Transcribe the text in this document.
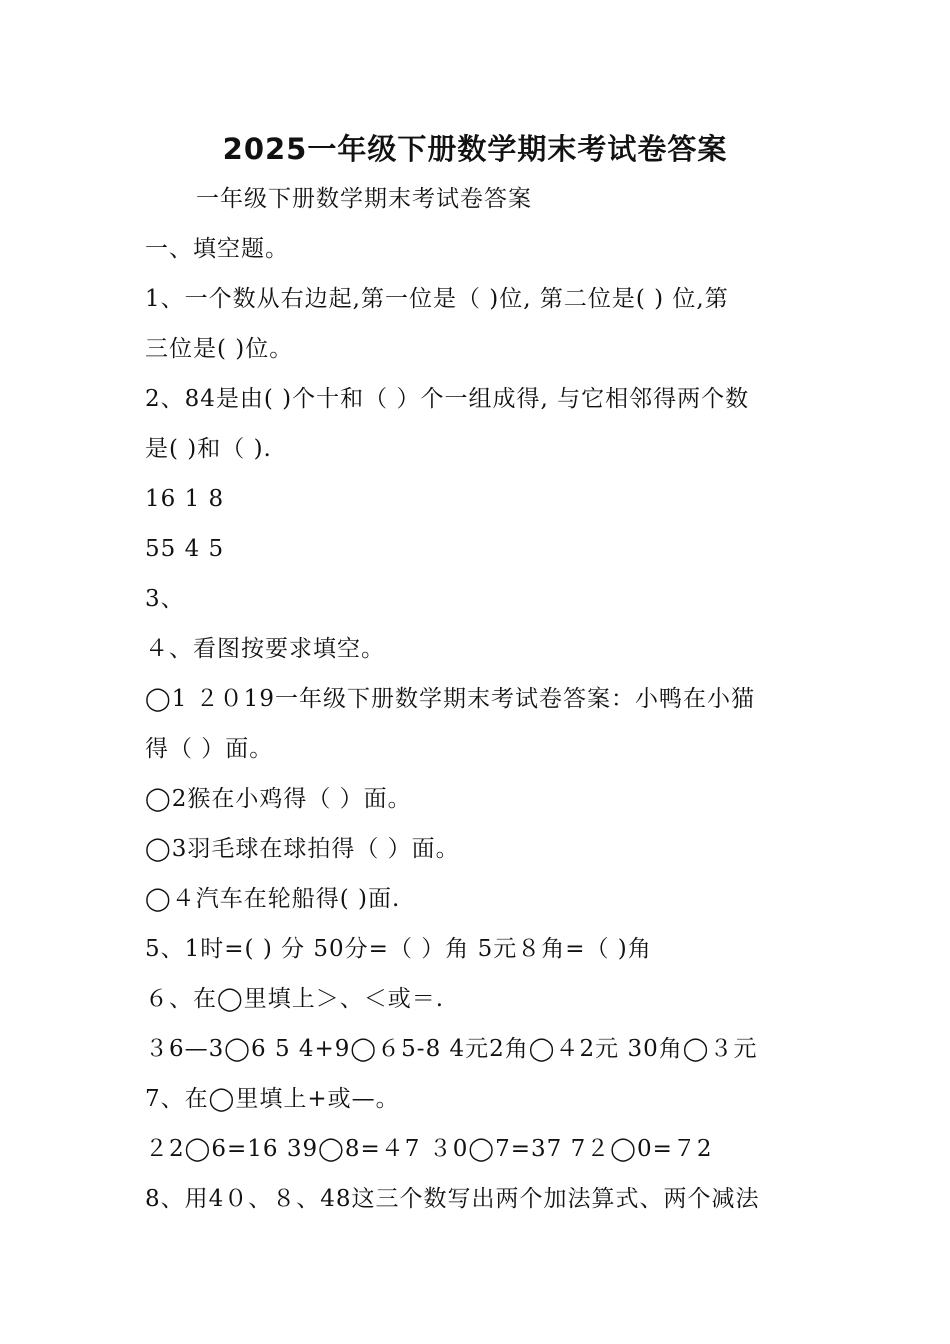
2025一年级下册数学期末考试卷答案
一年级下册数学期末考试卷答案
一、填空题。
1、一个数从右边起,第一位是（ )位, 第二位是( ) 位,第
三位是( )位。
2、84是由( )个十和（ ）个一组成得, 与它相邻得两个数
是( )和（ ).
16 1 8
55 4 5
3、
４、看图按要求填空。
◯1 ２０19一年级下册数学期末考试卷答案：小鸭在小猫
得（ ）面。
◯2猴在小鸡得（ ）面。
◯3羽毛球在球拍得（ ）面。
◯４汽车在轮船得( )面.
5、1时=( ) 分 50分=（ ）角 5元８角=（ )角
６、在◯里填上＞、＜或＝.
３6—3◯6 5 4+9◯６5-8 4元2角◯４2元 30角◯３元
7、在◯里填上+或—。
２2◯6=16 39◯8=４7 ３0◯7=37 7２◯0=７2
8、用4０、８、48这三个数写出两个加法算式、两个减法
